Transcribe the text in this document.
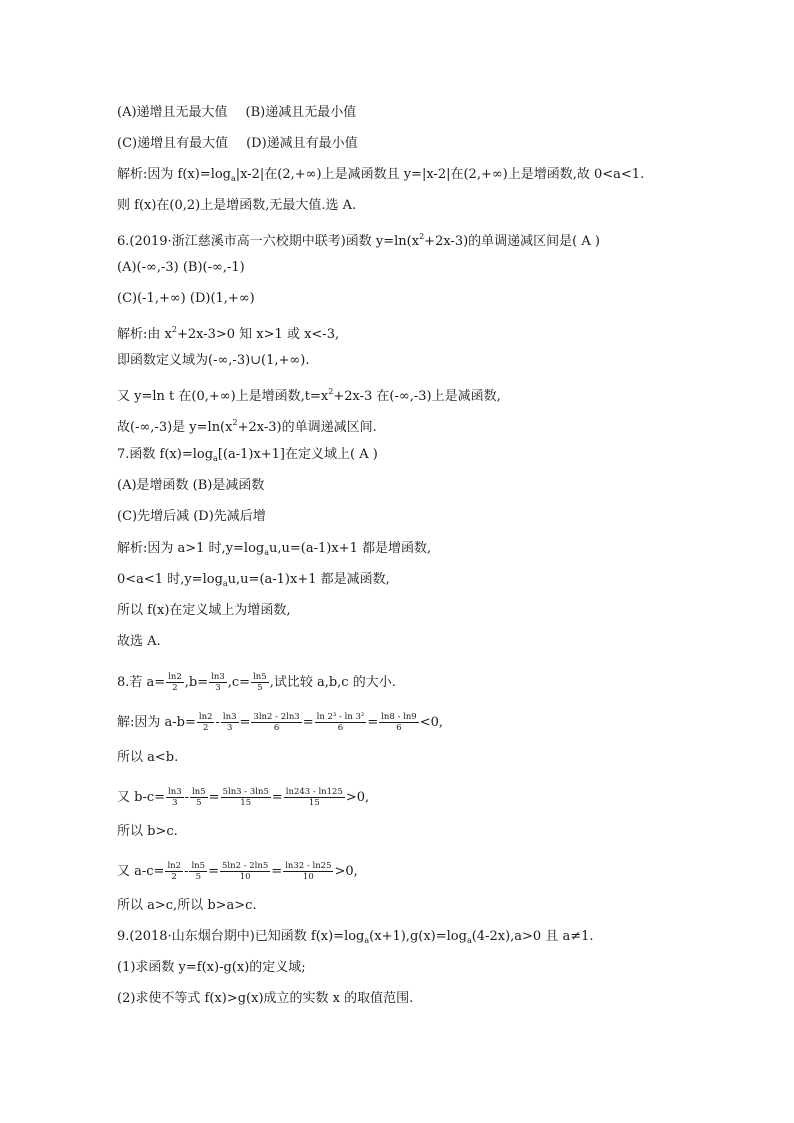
(A)递增且无最大值 (B)递减且无最小值
(C)递增且有最大值 (D)递减且有最小值
解析:因为 $f(x)=\log_a|x-2|$在(2,+∞)上是减函数且 y=|x-2|在(2,+∞)上是增函数,故 0<a<1.
则 f(x)在(0,2)上是增函数,无最大值.选 A.
6.(2019·浙江慈溪市高一六校期中联考)函数 $y=\ln(x^2+2x-3)$的单调递减区间是( A )
(A)(-∞,-3) (B)(-∞,-1)
(C)(-1,+∞) (D)(1,+∞)
解析:由 $x^2+2x-3>0$ 知 x>1 或 x<-3,
即函数定义域为(-∞,-3)∪(1,+∞).
又 y=ln t 在(0,+∞)上是增函数$,t=x^2+2x-3$ 在(-∞,-3)上是减函数,
故(-∞,-3)是 $y=\ln(x^2+2x-3)$的单调递减区间.
7.函数 $f(x)=\log_a[(a-1)x+1]$在定义域上( A )
(A)是增函数 (B)是减函数
(C)先增后减 (D)先减后增
解析:因为 a>1 时$,y=\log_au,u=(a-1)x+1$ 都是增函数,
0<a<1 时$,y=\log_au,u=(a-1)x+1$ 都是减函数,
所以 f(x)在定义域上为增函数,
故选 A.
8.若 $a= \frac{\ln 2}{2} ,b= \frac{\ln 3}{3} ,c= \frac{\ln 5}{5}$ ,试比较 a,b,c 的大小.
解:因为 $a-b= \frac{\ln 2}{2} - \frac{\ln 3}{3} = \frac{3\ln 2 - 2\ln 3}{6} = \frac{\text{ln 2³ - ln 3²}}{6} = \frac{\ln 8 - \ln 9}{6} <0$,
所以 a<b.
又 $b-c= \frac{\ln 3}{3} - \frac{\ln 5}{5} = \frac{5\ln 3 - 3\ln 5}{15} = \frac{\ln 243 - \ln 125}{15} >0$,
所以 b>c.
又 $a-c= \frac{\ln 2}{2} - \frac{\ln 5}{5} = \frac{5\ln 2 - 2\ln 5}{10} = \frac{\ln 32 - \ln 25}{10} >0$,
所以 a>c,所以 b>a>c.
9.(2018·山东烟台期中)已知函数 $f(x)=\log_a(x+1),g(x)=\log_a(4-2x),a>0$ 且 a≠1.
(1)求函数 y=f(x)-g(x)的定义域;
(2)求使不等式 f(x)>g(x)成立的实数 x 的取值范围.
